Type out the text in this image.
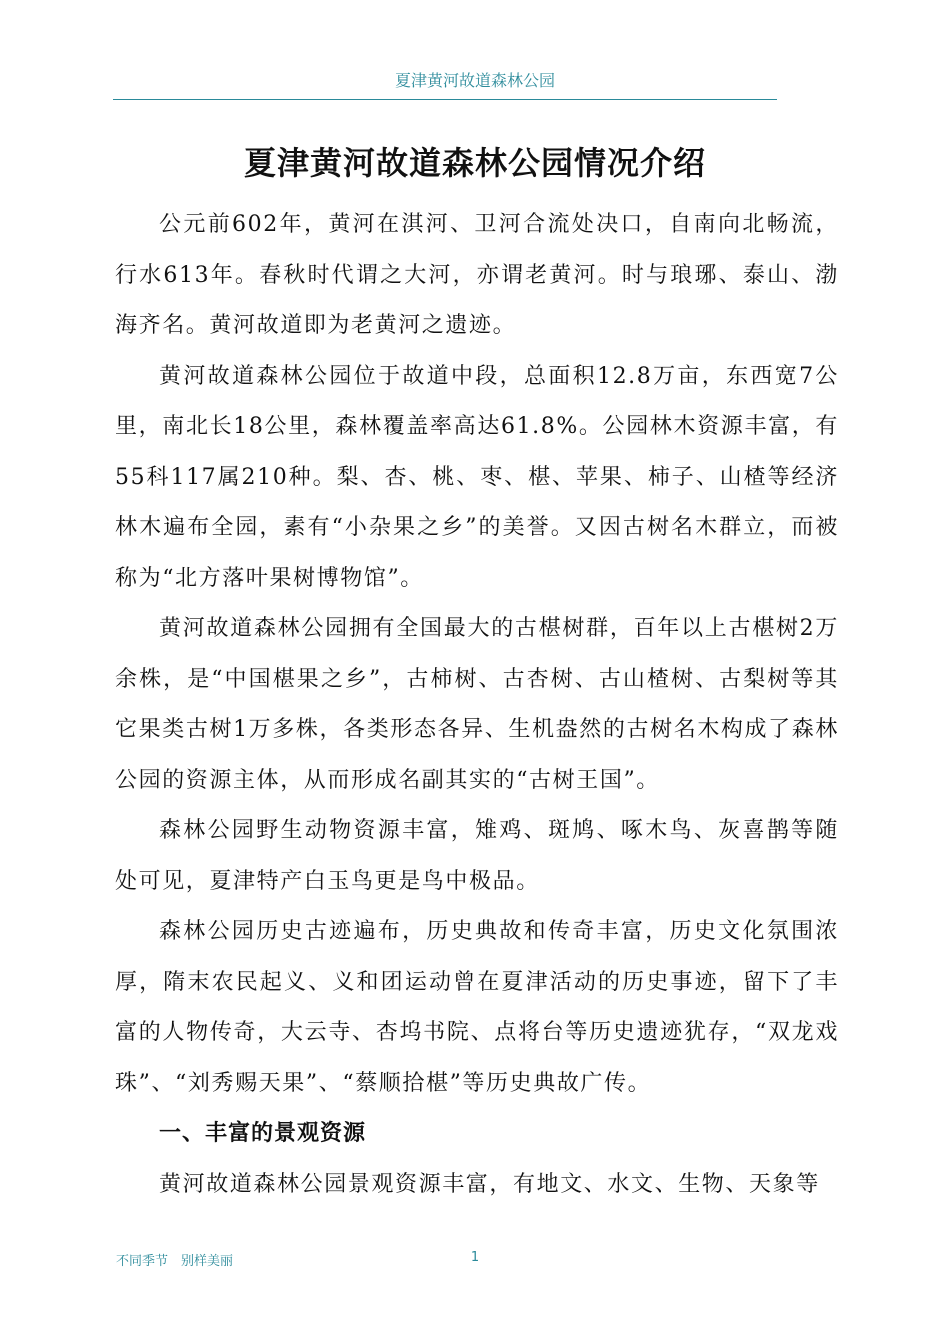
夏津黄河故道森林公园
夏津黄河故道森林公园情况介绍

公元前602年，黄河在淇河、卫河合流处决口，自南向北畅流，行水613年。春秋时代谓之大河，亦谓老黄河。时与琅琊、泰山、渤海齐名。黄河故道即为老黄河之遗迹。

黄河故道森林公园位于故道中段，总面积12.8万亩，东西宽7公里，南北长18公里，森林覆盖率高达61.8%。公园林木资源丰富，有55科117属210种。梨、杏、桃、枣、椹、苹果、柿子、山楂等经济林木遍布全园，素有“小杂果之乡”的美誉。又因古树名木群立，而被称为“北方落叶果树博物馆”。

黄河故道森林公园拥有全国最大的古椹树群，百年以上古椹树2万余株，是“中国椹果之乡”，古柿树、古杏树、古山楂树、古梨树等其它果类古树1万多株，各类形态各异、生机盎然的古树名木构成了森林公园的资源主体，从而形成名副其实的“古树王国”。

森林公园野生动物资源丰富，雉鸡、斑鸠、啄木鸟、灰喜鹊等随处可见，夏津特产白玉鸟更是鸟中极品。

森林公园历史古迹遍布，历史典故和传奇丰富，历史文化氛围浓厚，隋末农民起义、义和团运动曾在夏津活动的历史事迹，留下了丰富的人物传奇，大云寺、杏坞书院、点将台等历史遗迹犹存，“双龙戏珠”、“刘秀赐天果”、“蔡顺拾椹”等历史典故广传。

一、丰富的景观资源

黄河故道森林公园景观资源丰富，有地文、水文、生物、天象等

不同季节　别样美丽	1
